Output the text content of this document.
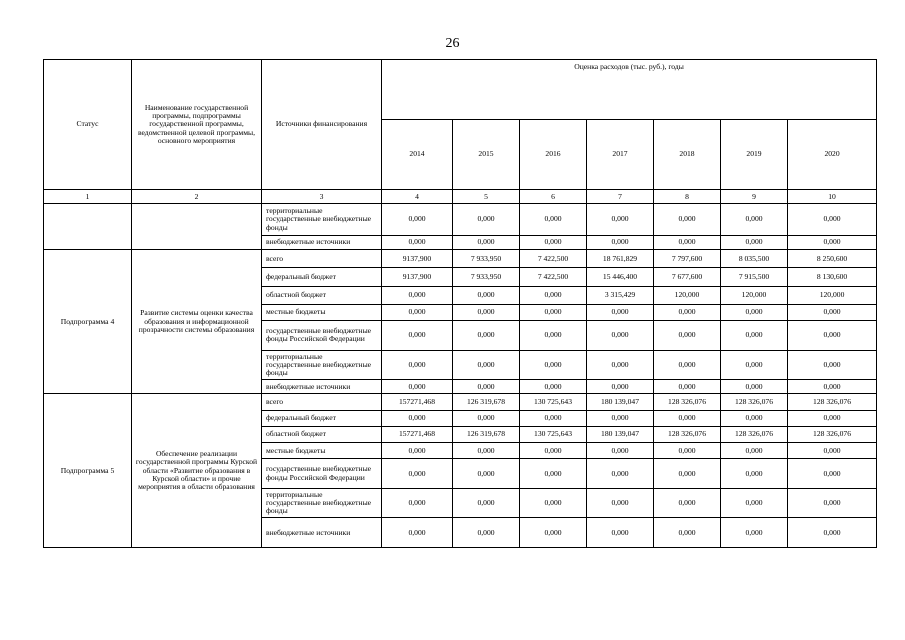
26
Статус	Наименование государственной программы, подпрограммы государственной программы, ведомственной целевой программы, основного мероприятия	Источники финансирования	Оценка расходов (тыс. руб.), годы						
			2014	2015	2016	2017	2018	2019	2020
1	2	3	4	5	6	7	8	9	10
		территориальные государственные внебюджетные фонды	0,000	0,000	0,000	0,000	0,000	0,000	0,000
		внебюджетные источники	0,000	0,000	0,000	0,000	0,000	0,000	0,000
Подпрограмма 4	Развитие системы оценки качества образования и информационной прозрачности системы образования	всего	9137,900	7 933,950	7 422,500	18 761,829	7 797,600	8 035,500	8 250,600
		федеральный бюджет	9137,900	7 933,950	7 422,500	15 446,400	7 677,600	7 915,500	8 130,600
		областной бюджет	0,000	0,000	0,000	3 315,429	120,000	120,000	120,000
		местные бюджеты	0,000	0,000	0,000	0,000	0,000	0,000	0,000
		государственные внебюджетные фонды Российской Федерации	0,000	0,000	0,000	0,000	0,000	0,000	0,000
		территориальные государственные внебюджетные фонды	0,000	0,000	0,000	0,000	0,000	0,000	0,000
		внебюджетные источники	0,000	0,000	0,000	0,000	0,000	0,000	0,000
Подпрограмма 5	Обеспечение реализации государственной программы Курской области «Развитие образования в Курской области» и прочие мероприятия в области образования	всего	157271,468	126 319,678	130 725,643	180 139,047	128 326,076	128 326,076	128 326,076
		федеральный бюджет	0,000	0,000	0,000	0,000	0,000	0,000	0,000
		областной бюджет	157271,468	126 319,678	130 725,643	180 139,047	128 326,076	128 326,076	128 326,076
		местные бюджеты	0,000	0,000	0,000	0,000	0,000	0,000	0,000
		государственные внебюджетные фонды Российской Федерации	0,000	0,000	0,000	0,000	0,000	0,000	0,000
		территориальные государственные внебюджетные фонды	0,000	0,000	0,000	0,000	0,000	0,000	0,000
		внебюджетные источники	0,000	0,000	0,000	0,000	0,000	0,000	0,000
